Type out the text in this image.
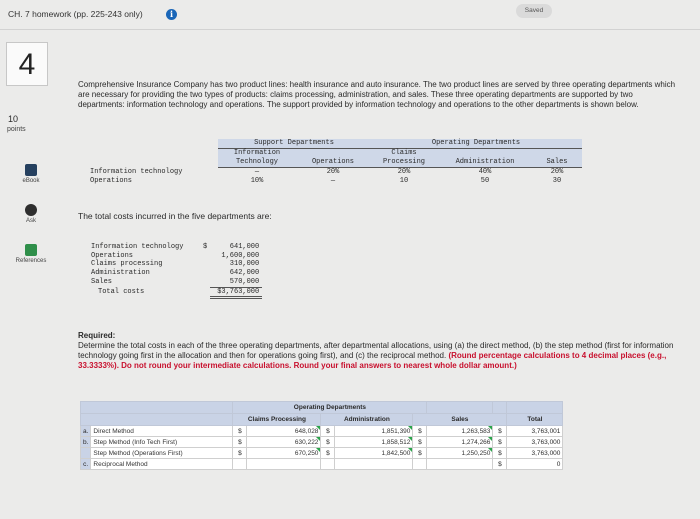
CH. 7 homework (pp. 225-243 only)	i	Saved
4
10
points
eBook
Ask
References
Comprehensive Insurance Company has two product lines: health insurance and auto insurance. The two product lines are served by three operating departments which are necessary for providing the two types of products: claims processing, administration, and sales. These three operating departments are supported by two departments: information technology and operations. The support provided by information technology and operations to the other departments is shown below.
	Support Departments		Operating Departments		
	Information		Claims		
	Technology	Operations	Processing	Administration	Sales
Information technology	—	20%	20%	40%	20%
Operations	10%	—	10	50	30
The total costs incurred in the five departments are:
Information technology	$	641,000
Operations		1,600,000
Claims processing		310,000
Administration		642,000
Sales		570,000
Total costs		$3,763,000
Required:
Determine the total costs in each of the three operating departments, after departmental allocations, using (a) the direct method, (b) the step method (first for information technology going first in the allocation and then for operations going first), and (c) the reciprocal method. (Round percentage calculations to 4 decimal places (e.g., 33.3333%). Do not round your intermediate calculations. Round your final answers to nearest whole dollar amount.)
		Operating Departments							
		Claims Processing		Administration		Sales			Total
a.	Direct Method	$	648,028	$	1,851,390	$	1,263,583	$	3,763,001
b.	Step Method (Info Tech First)	$	630,222	$	1,858,512	$	1,274,266	$	3,763,000
	Step Method (Operations First)	$	670,250	$	1,842,500	$	1,250,250	$	3,763,000
c.	Reciprocal Method							$	0
